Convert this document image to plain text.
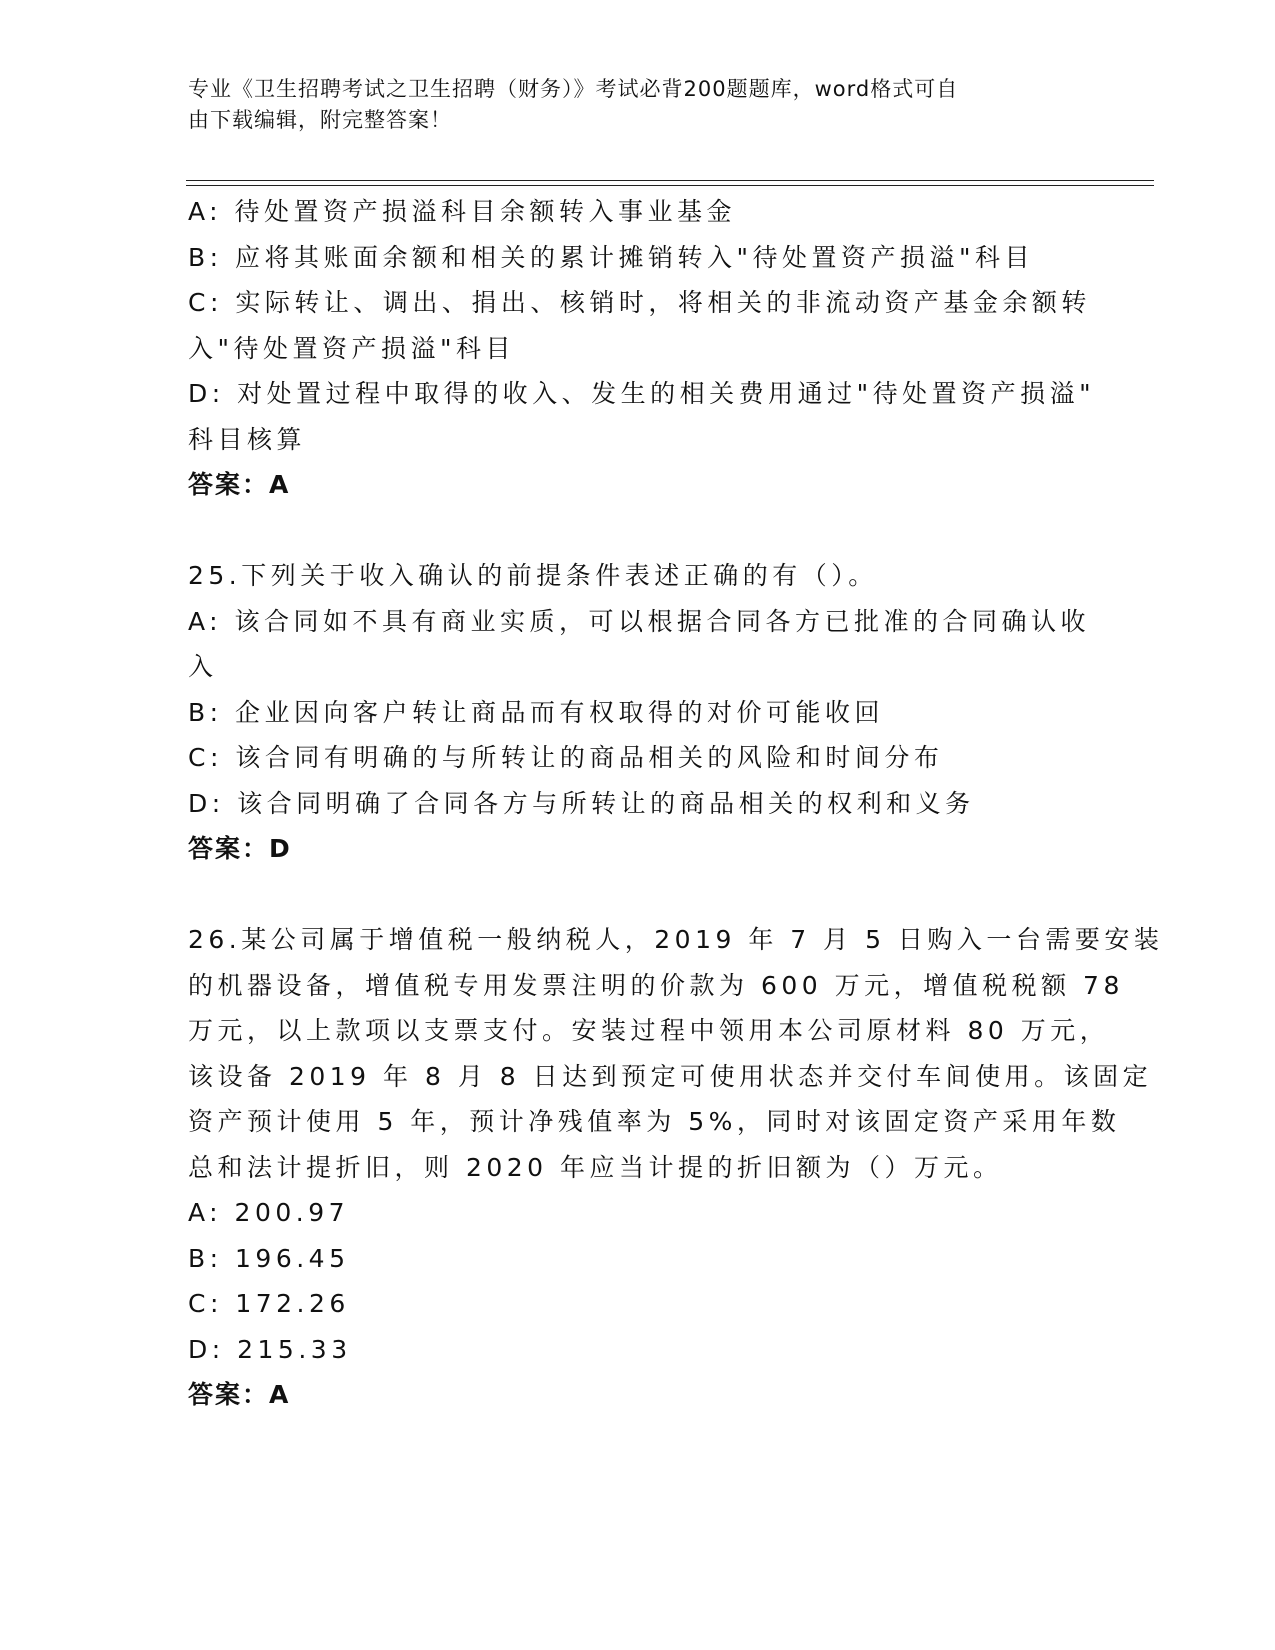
专业《卫生招聘考试之卫生招聘（财务）》考试必背200题题库，word格式可自
由下载编辑，附完整答案！
A: 待处置资产损溢科目余额转入事业基金
B: 应将其账面余额和相关的累计摊销转入"待处置资产损溢"科目
C: 实际转让、调出、捐出、核销时，将相关的非流动资产基金余额转
入"待处置资产损溢"科目
D: 对处置过程中取得的收入、发生的相关费用通过"待处置资产损溢"
科目核算
答案：A
25.下列关于收入确认的前提条件表述正确的有（）。
A: 该合同如不具有商业实质，可以根据合同各方已批准的合同确认收
入
B: 企业因向客户转让商品而有权取得的对价可能收回
C: 该合同有明确的与所转让的商品相关的风险和时间分布
D: 该合同明确了合同各方与所转让的商品相关的权利和义务
答案：D
26.某公司属于增值税一般纳税人，2019 年 7 月 5 日购入一台需要安装
的机器设备，增值税专用发票注明的价款为 600 万元，增值税税额 78
万元，以上款项以支票支付。安装过程中领用本公司原材料 80 万元，
该设备 2019 年 8 月 8 日达到预定可使用状态并交付车间使用。该固定
资产预计使用 5 年，预计净残值率为 5%，同时对该固定资产采用年数
总和法计提折旧，则 2020 年应当计提的折旧额为（）万元。
A: 200.97
B: 196.45
C: 172.26
D: 215.33
答案：A
